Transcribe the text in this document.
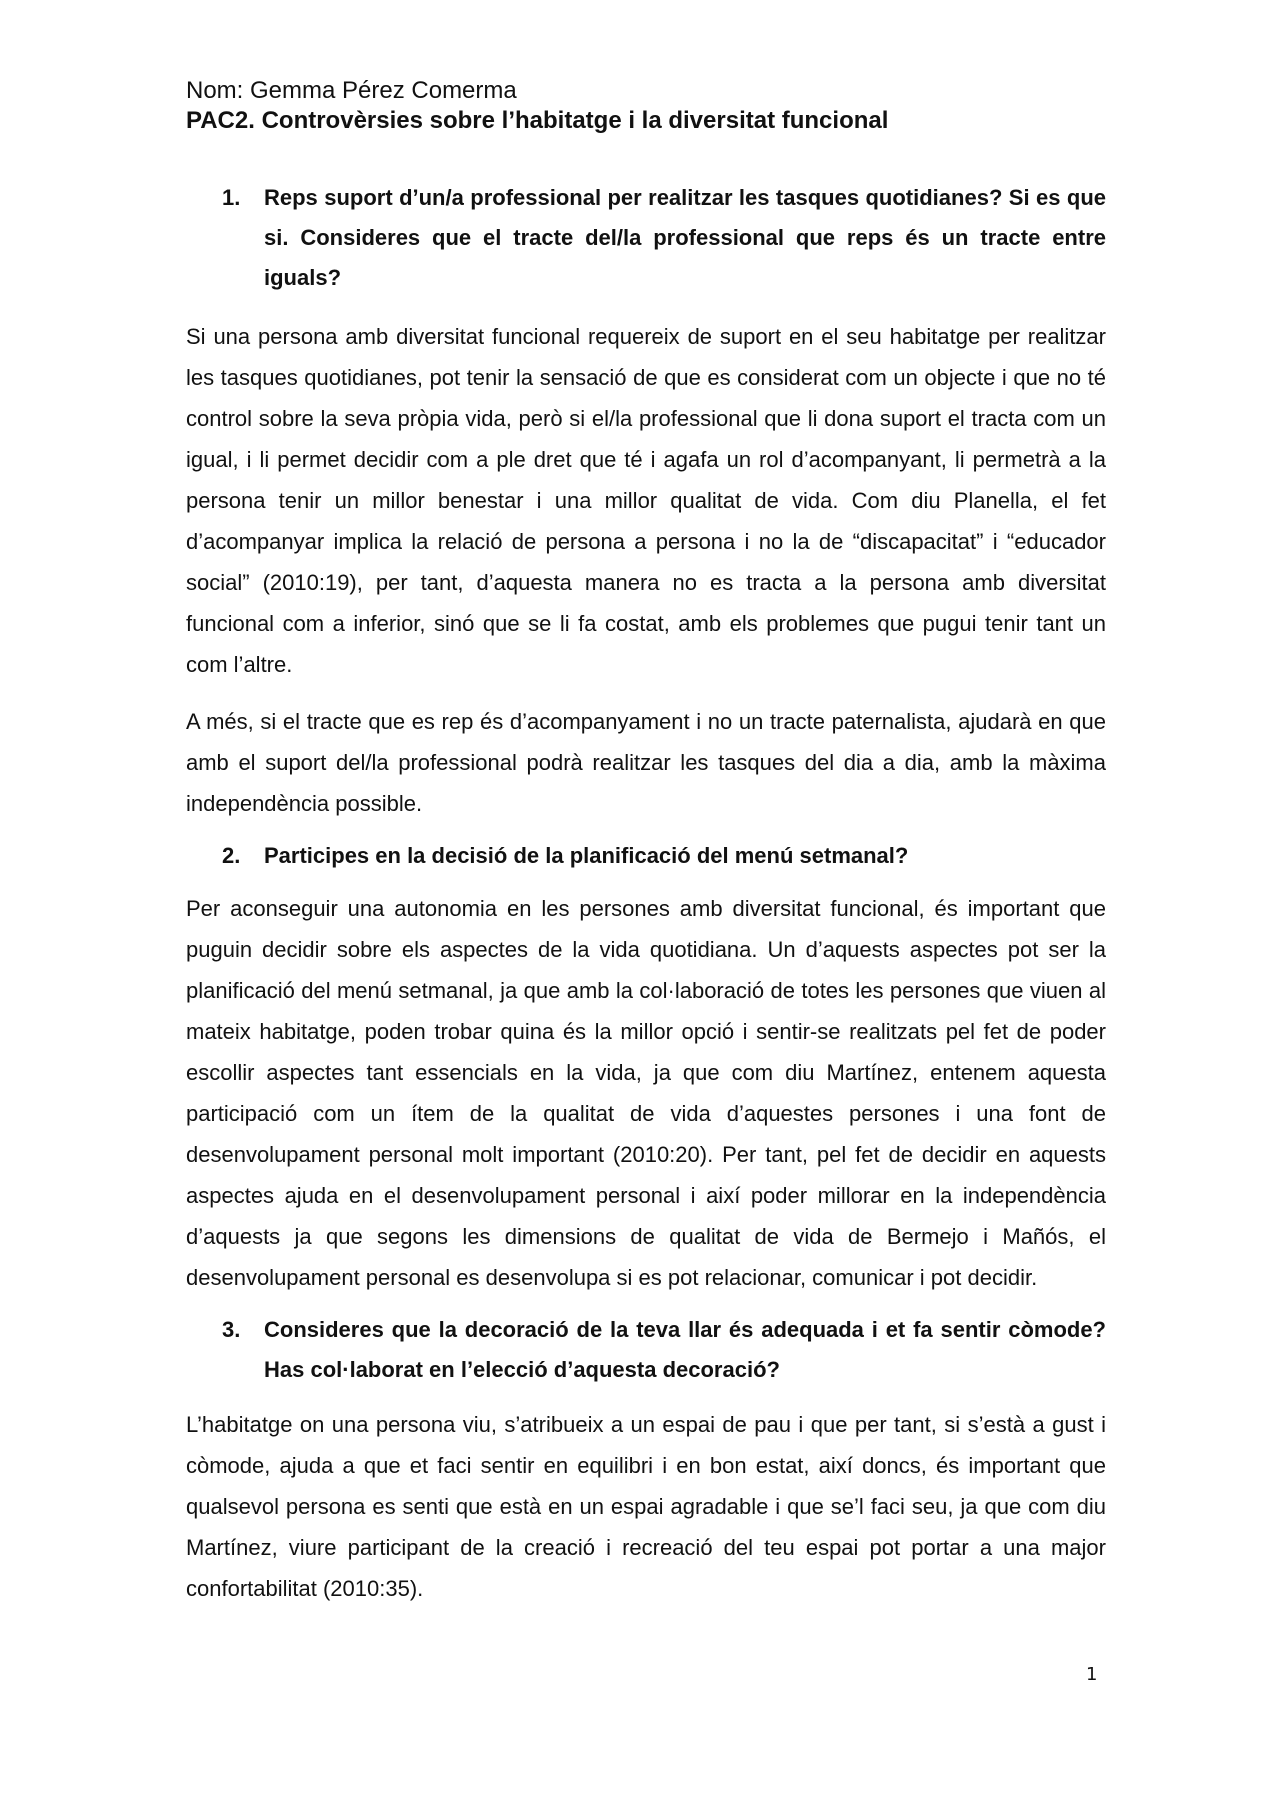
Nom: Gemma Pérez Comerma

PAC2. Controvèrsies sobre l’habitatge i la diversitat funcional

1.	Reps suport d’un/a professional per realitzar les tasques quotidianes? Si es que si. Consideres que el tracte del/la professional que reps és un tracte entre iguals?

Si una persona amb diversitat funcional requereix de suport en el seu habitatge per realitzar les tasques quotidianes, pot tenir la sensació de que es considerat com un objecte i que no té control sobre la seva pròpia vida, però si el/la professional que li dona suport el tracta com un igual, i li permet decidir com a ple dret que té i agafa un rol d’acompanyant, li permetrà a la persona tenir un millor benestar i una millor qualitat de vida. Com diu Planella, el fet d’acompanyar implica la relació de persona a persona i no la de “discapacitat” i “educador social” (2010:19), per tant, d’aquesta manera no es tracta a la persona amb diversitat funcional com a inferior, sinó que se li fa costat, amb els problemes que pugui tenir tant un com l’altre.

A més, si el tracte que es rep és d’acompanyament i no un tracte paternalista, ajudarà en que amb el suport del/la professional podrà realitzar les tasques del dia a dia, amb la màxima independència possible.

2.	Participes en la decisió de la planificació del menú setmanal?

Per aconseguir una autonomia en les persones amb diversitat funcional, és important que puguin decidir sobre els aspectes de la vida quotidiana. Un d’aquests aspectes pot ser la planificació del menú setmanal, ja que amb la col·laboració de totes les persones que viuen al mateix habitatge, poden trobar quina és la millor opció i sentir-se realitzats pel fet de poder escollir aspectes tant essencials en la vida, ja que com diu Martínez, entenem aquesta participació com un ítem de la qualitat de vida d’aquestes persones i una font de desenvolupament personal molt important (2010:20). Per tant, pel fet de decidir en aquests aspectes ajuda en el desenvolupament personal i així poder millorar en la independència d’aquests ja que segons les dimensions de qualitat de vida de Bermejo i Mañós, el desenvolupament personal es desenvolupa si es pot relacionar, comunicar i pot decidir.

3.	Consideres que la decoració de la teva llar és adequada i et fa sentir còmode? Has col·laborat en l’elecció d’aquesta decoració?

L’habitatge on una persona viu, s’atribueix a un espai de pau i que per tant, si s’està a gust i còmode, ajuda a que et faci sentir en equilibri i en bon estat, així doncs, és important que qualsevol persona es senti que està en un espai agradable i que se’l faci seu, ja que com diu Martínez, viure participant de la creació i recreació del teu espai pot portar a una major confortabilitat (2010:35).

1
